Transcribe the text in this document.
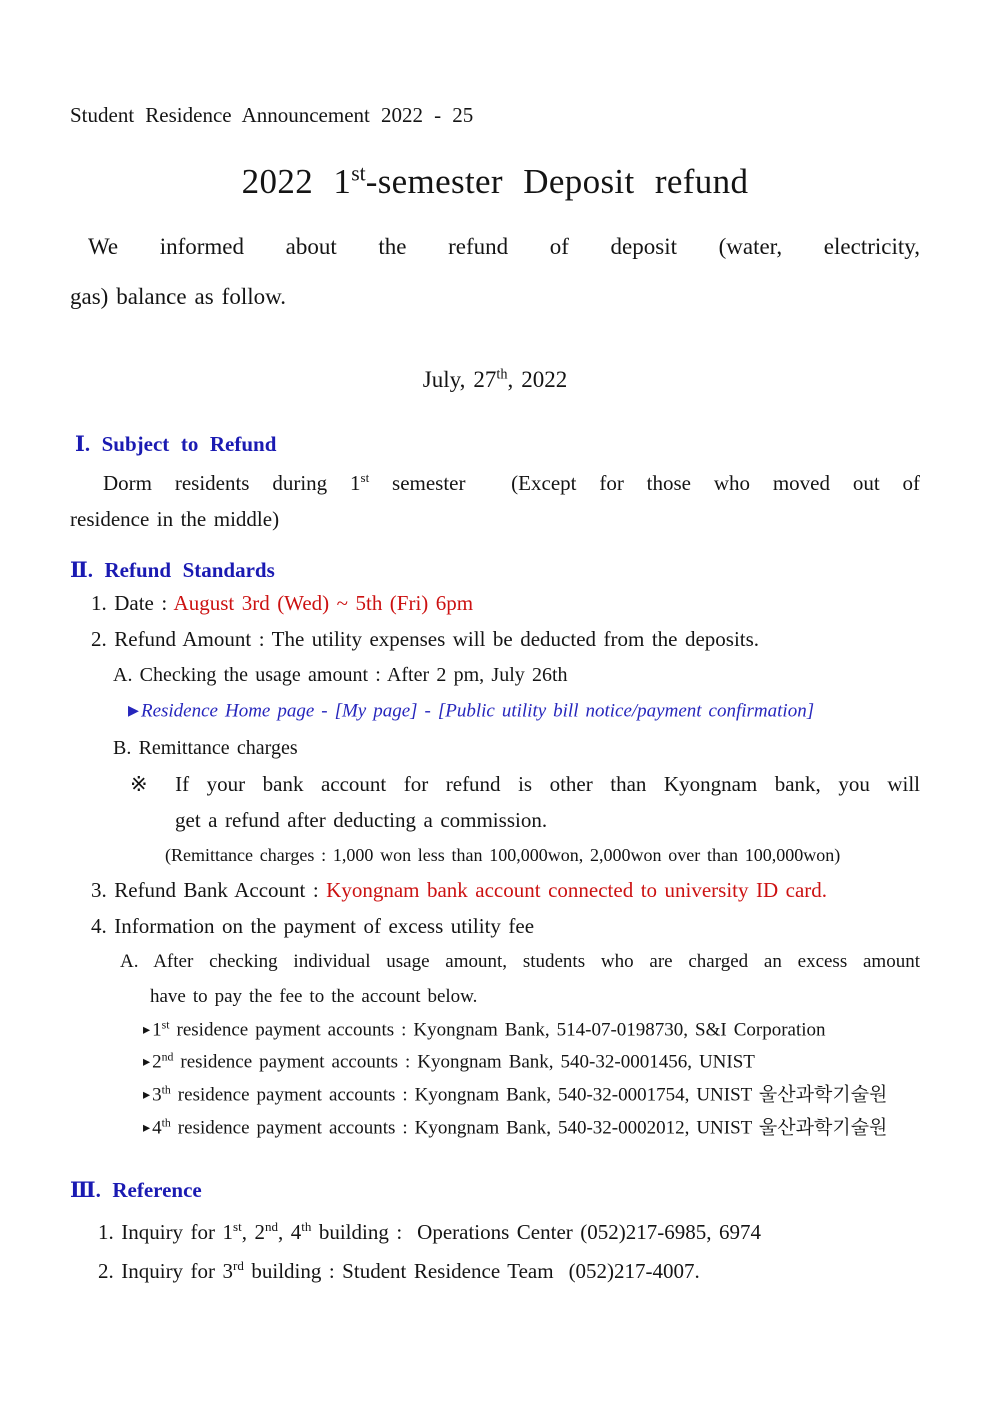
Student Residence Announcement 2022 - 25
2022 1st-semester Deposit refund
We informed about the refund of deposit (water, electricity,
gas) balance as follow.
July, 27th, 2022
Ⅰ. Subject to Refund
Dorm residents during 1st semester  (Except for those who moved out of
residence in the middle)
Ⅱ. Refund Standards
1. Date : August 3rd (Wed) ~ 5th (Fri) 6pm
2. Refund Amount : The utility expenses will be deducted from the deposits.
A. Checking the usage amount : After 2 pm, July 26th
▶ Residence Home page - [My page] - [Public utility bill notice/payment confirmation]
B. Remittance charges
※ If your bank account for refund is other than Kyongnam bank, you will
get a refund after deducting a commission.
(Remittance charges : 1,000 won less than 100,000won, 2,000won over than 100,000won)
3. Refund Bank Account : Kyongnam bank account connected to university ID card.
4. Information on the payment of excess utility fee
A. After checking individual usage amount, students who are charged an excess amount
have to pay the fee to the account below.
▸ 1st residence payment accounts : Kyongnam Bank, 514-07-0198730, S&I Corporation
▸ 2nd residence payment accounts : Kyongnam Bank, 540-32-0001456, UNIST
▸ 3th residence payment accounts : Kyongnam Bank, 540-32-0001754, UNIST 울산과학기술원
▸ 4th residence payment accounts : Kyongnam Bank, 540-32-0002012, UNIST 울산과학기술원
Ⅲ. Reference
1. Inquiry for 1st, 2nd, 4th building :  Operations Center (052)217-6985, 6974
2. Inquiry for 3rd building : Student Residence Team  (052)217-4007.
